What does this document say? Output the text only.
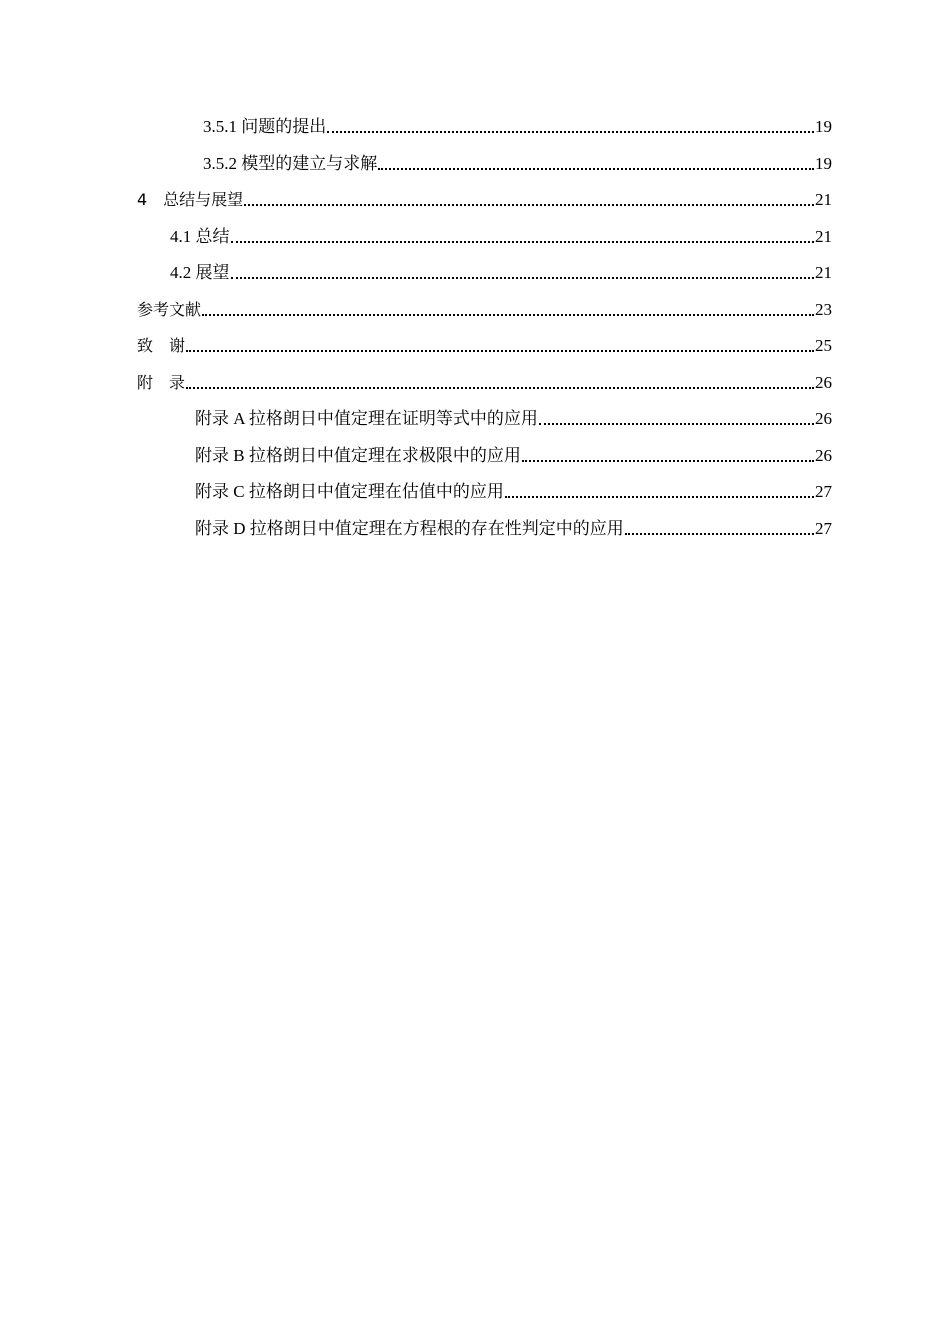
3.5.1 问题的提出	19
3.5.2 模型的建立与求解	19
4　总结与展望	21
4.1 总结	21
4.2 展望	21
参考文献	23
致　谢	25
附　录	26
附录 A 拉格朗日中值定理在证明等式中的应用	26
附录 B 拉格朗日中值定理在求极限中的应用	26
附录 C 拉格朗日中值定理在估值中的应用	27
附录 D 拉格朗日中值定理在方程根的存在性判定中的应用	27
